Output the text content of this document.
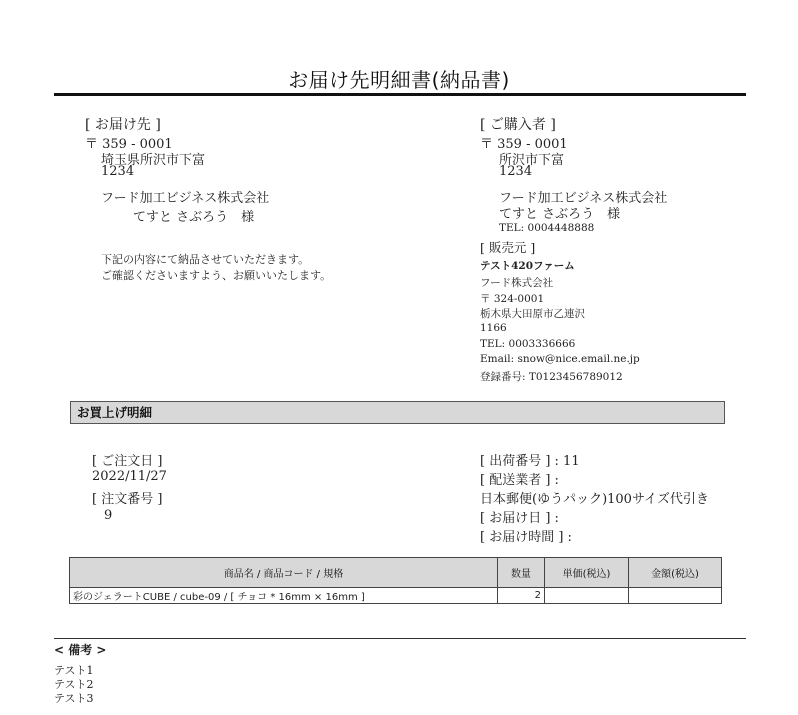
お届け先明細書(納品書)
[ お届け先 ]
〒 359 - 0001
埼玉県所沢市下富
1234
フード加工ビジネス株式会社
てすと さぶろう　様
下記の内容にて納品させていただきます。
ご確認くださいますよう、お願いいたします。
[ ご購入者 ]
〒 359 - 0001
所沢市下富
1234
フード加工ビジネス株式会社
てすと さぶろう　様
TEL: 0004448888
[ 販売元 ]
テスト420ファーム
フード株式会社
〒 324-0001
栃木県大田原市乙連沢
1166
TEL: 0003336666
Email: snow@nice.email.ne.jp
登録番号: T0123456789012
お買上げ明細
[ ご注文日 ]
2022/11/27
[ 注文番号 ]
9
[ 出荷番号 ] : 11
[ 配送業者 ] :
日本郵便(ゆうパック)100サイズ代引き
[ お届け日 ] :
[ お届け時間 ] :
商品名 / 商品コード / 規格	数量	単価(税込)	金額(税込)
彩のジェラートCUBE / cube-09 / [ チョコ * 16mm × 16mm ]	2		
< 備考 >
テスト1
テスト2
テスト3
